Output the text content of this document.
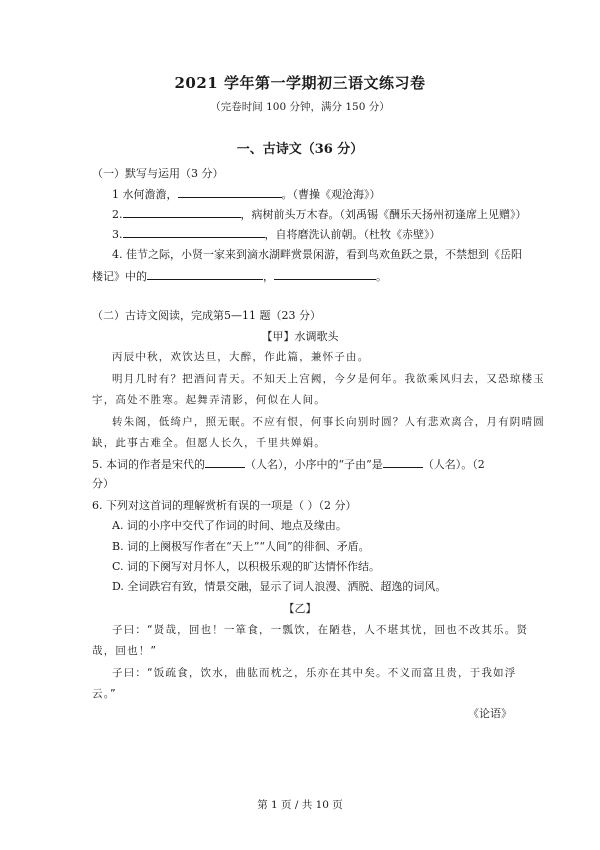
2021 学年第一学期初三语文练习卷
（完卷时间 100 分钟，满分 150 分）
一、古诗文（36 分）
（一）默写与运用（3 分）
1 水何澹澹，	。（曹操《观沧海》）
2.	，病树前头万木春。（刘禹锡《酬乐天扬州初逢席上见赠》）
3.	，自将磨洗认前朝。（杜牧《赤壁》）
4. 佳节之际，小贤一家来到滴水湖畔赏景闲游，看到鸟欢鱼跃之景，不禁想到《岳阳
楼记》中的	，	。
（二）古诗文阅读，完成第5—11 题（23 分）
【甲】水调歌头
丙辰中秋，欢饮达旦，大醉，作此篇，兼怀子由。
明月几时有？把酒问青天。不知天上宫阙，今夕是何年。我欲乘风归去，又恐琼楼玉
宇，高处不胜寒。起舞弄清影，何似在人间。
转朱阁，低绮户，照无眠。不应有恨，何事长向别时圆？人有悲欢离合，月有阴晴圆
缺，此事古难全。但愿人长久，千里共婵娟。
5. 本词的作者是宋代的	（人名），小序中的“子由”是	（人名）。（2
分）
6. 下列对这首词的理解赏析有误的一项是（ ）（2 分）
A. 词的小序中交代了作词的时间、地点及缘由。
B. 词的上阕极写作者在“天上”“人间”的徘徊、矛盾。
C. 词的下阕写对月怀人，以积极乐观的旷达情怀作结。
D. 全词跌宕有致，情景交融，显示了词人浪漫、洒脱、超逸的词风。
【乙】
子曰：“贤哉，回也！一箪食，一瓢饮，在陋巷，人不堪其忧，回也不改其乐。贤
哉，回也！”
子曰：“饭疏食，饮水，曲肱而枕之，乐亦在其中矣。不义而富且贵，于我如浮
云。”
《论语》
第 1 页 / 共 10 页
